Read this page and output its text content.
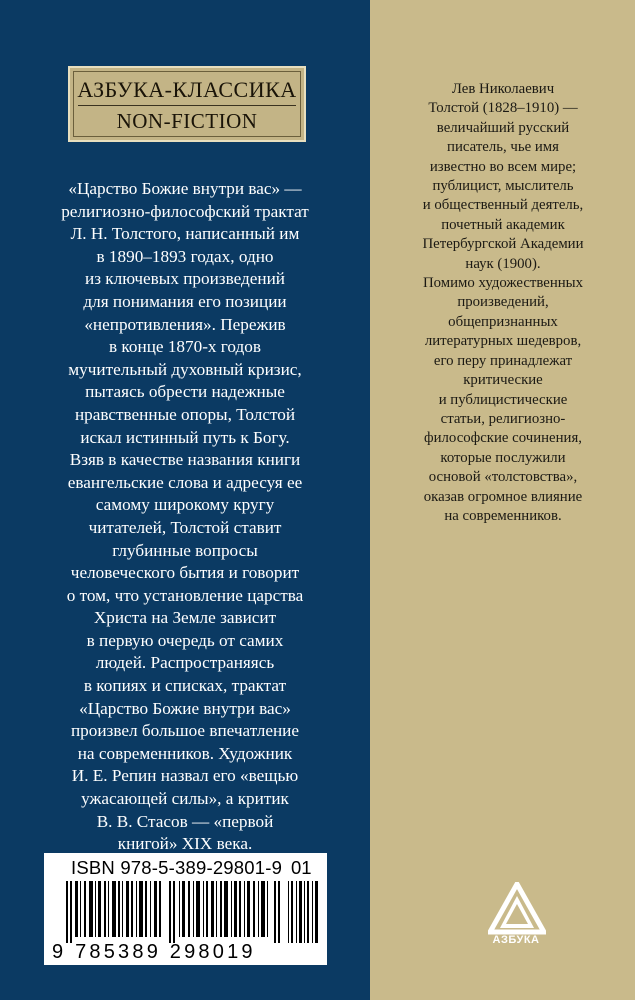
АЗБУКА-КЛАССИКА
NON-FICTION
«Царство Божие внутри вас» —
религиозно-философский трактат
Л. Н. Толстого, написанный им
в 1890–1893 годах, одно
из ключевых произведений
для понимания его позиции
«непротивления». Пережив
в конце 1870-х годов
мучительный духовный кризис,
пытаясь обрести надежные
нравственные опоры, Толстой
искал истинный путь к Богу.
Взяв в качестве названия книги
евангельские слова и адресуя ее
самому широкому кругу
читателей, Толстой ставит
глубинные вопросы
человеческого бытия и говорит
о том, что установление царства
Христа на Земле зависит
в первую очередь от самих
людей. Распространяясь
в копиях и списках, трактат
«Царство Божие внутри вас»
произвел большое впечатление
на современников. Художник
И. Е. Репин назвал его «вещью
ужасающей силы», а критик
В. В. Стасов — «первой
книгой» XIX века.
Лев Николаевич
Толстой (1828–1910) —
величайший русский
писатель, чье имя
известно во всем мире;
публицист, мыслитель
и общественный деятель,
почетный академик
Петербургской Академии
наук (1900).
Помимо художественных
произведений,
общепризнанных
литературных шедевров,
его перу принадлежат
критические
и публицистические
статьи, религиозно-
философские сочинения,
которые послужили
основой «толстовства»,
оказав огромное влияние
на современников.
ISBN 978-5-389-29801-9 01
9 785389 298019
АЗБУКА
